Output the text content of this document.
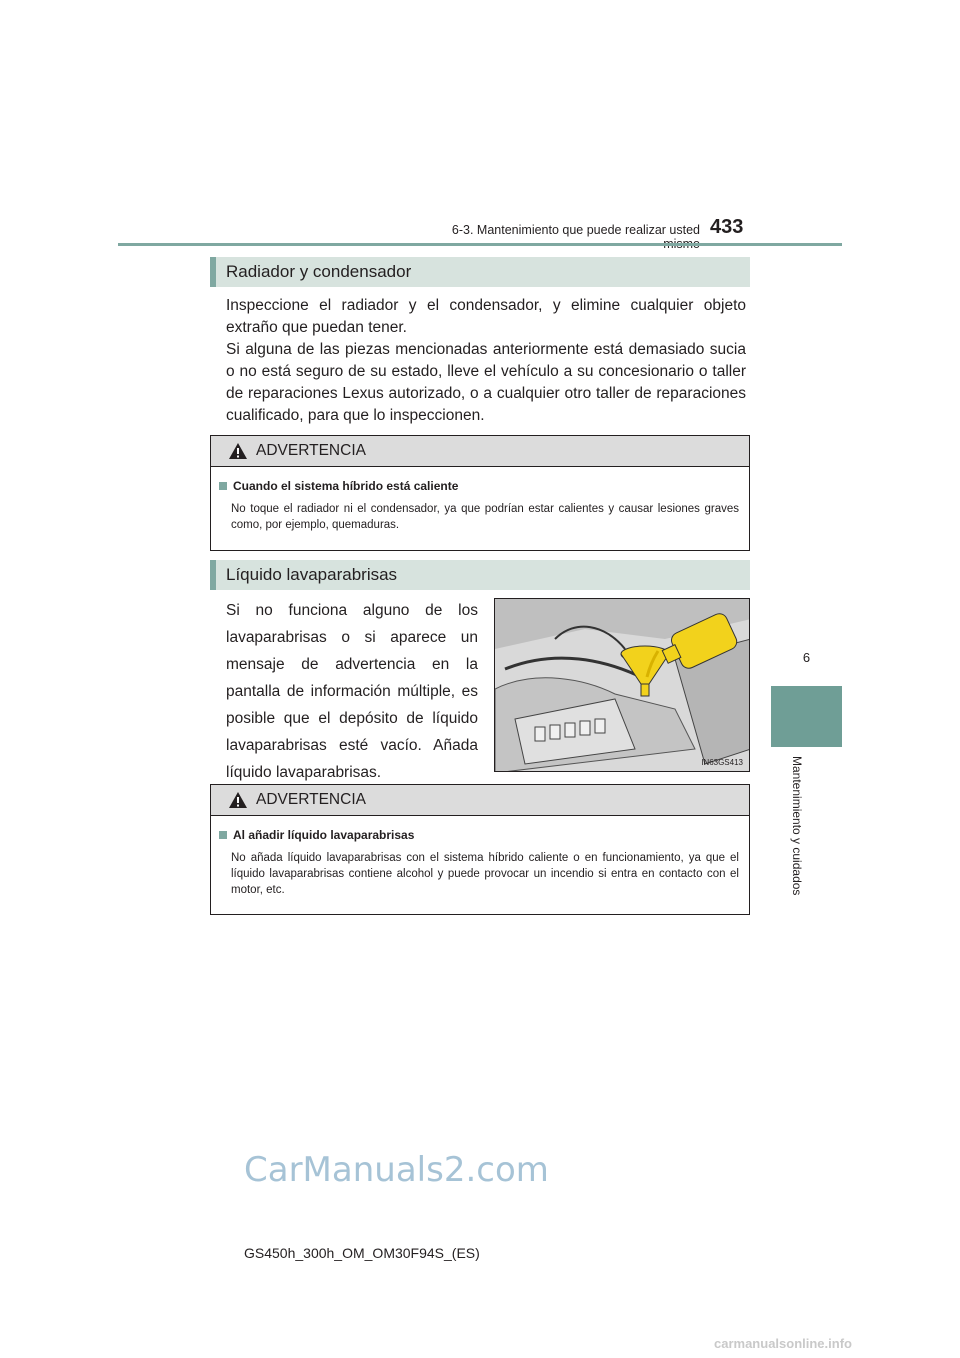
6-3. Mantenimiento que puede realizar usted 433
6
Mantenimiento y cuidados
Radiador y condensador

Inspeccione el radiador y el condensador, y elimine cualquier objeto extraño que puedan tener.

Si alguna de las piezas mencionadas anteriormente está demasiado sucia o no está seguro de su estado, lleve el vehículo a su concesionario o taller de reparaciones Lexus autorizado, o a cualquier otro taller de reparaciones cualificado, para que lo inspeccionen.

ADVERTENCIA
Cuando el sistema híbrido está caliente
No toque el radiador ni el condensador, ya que podrían estar calientes y causar lesiones graves como, por ejemplo, quemaduras.
Líquido lavaparabrisas

Si no funciona alguno de los lavaparabrisas o si aparece un mensaje de advertencia en la pantalla de información múltiple, es posible que el depósito de líquido lavaparabrisas esté vacío. Añada líquido lavaparabrisas.

IN63GS413
ADVERTENCIA
Al añadir líquido lavaparabrisas
No añada líquido lavaparabrisas con el sistema híbrido caliente o en funcionamiento, ya que el líquido lavaparabrisas contiene alcohol y puede provocar un incendio si entra en contacto con el motor, etc.
CarManuals2.com
GS450h_300h_OM_OM30F94S_(ES)
carmanualsonline.info
